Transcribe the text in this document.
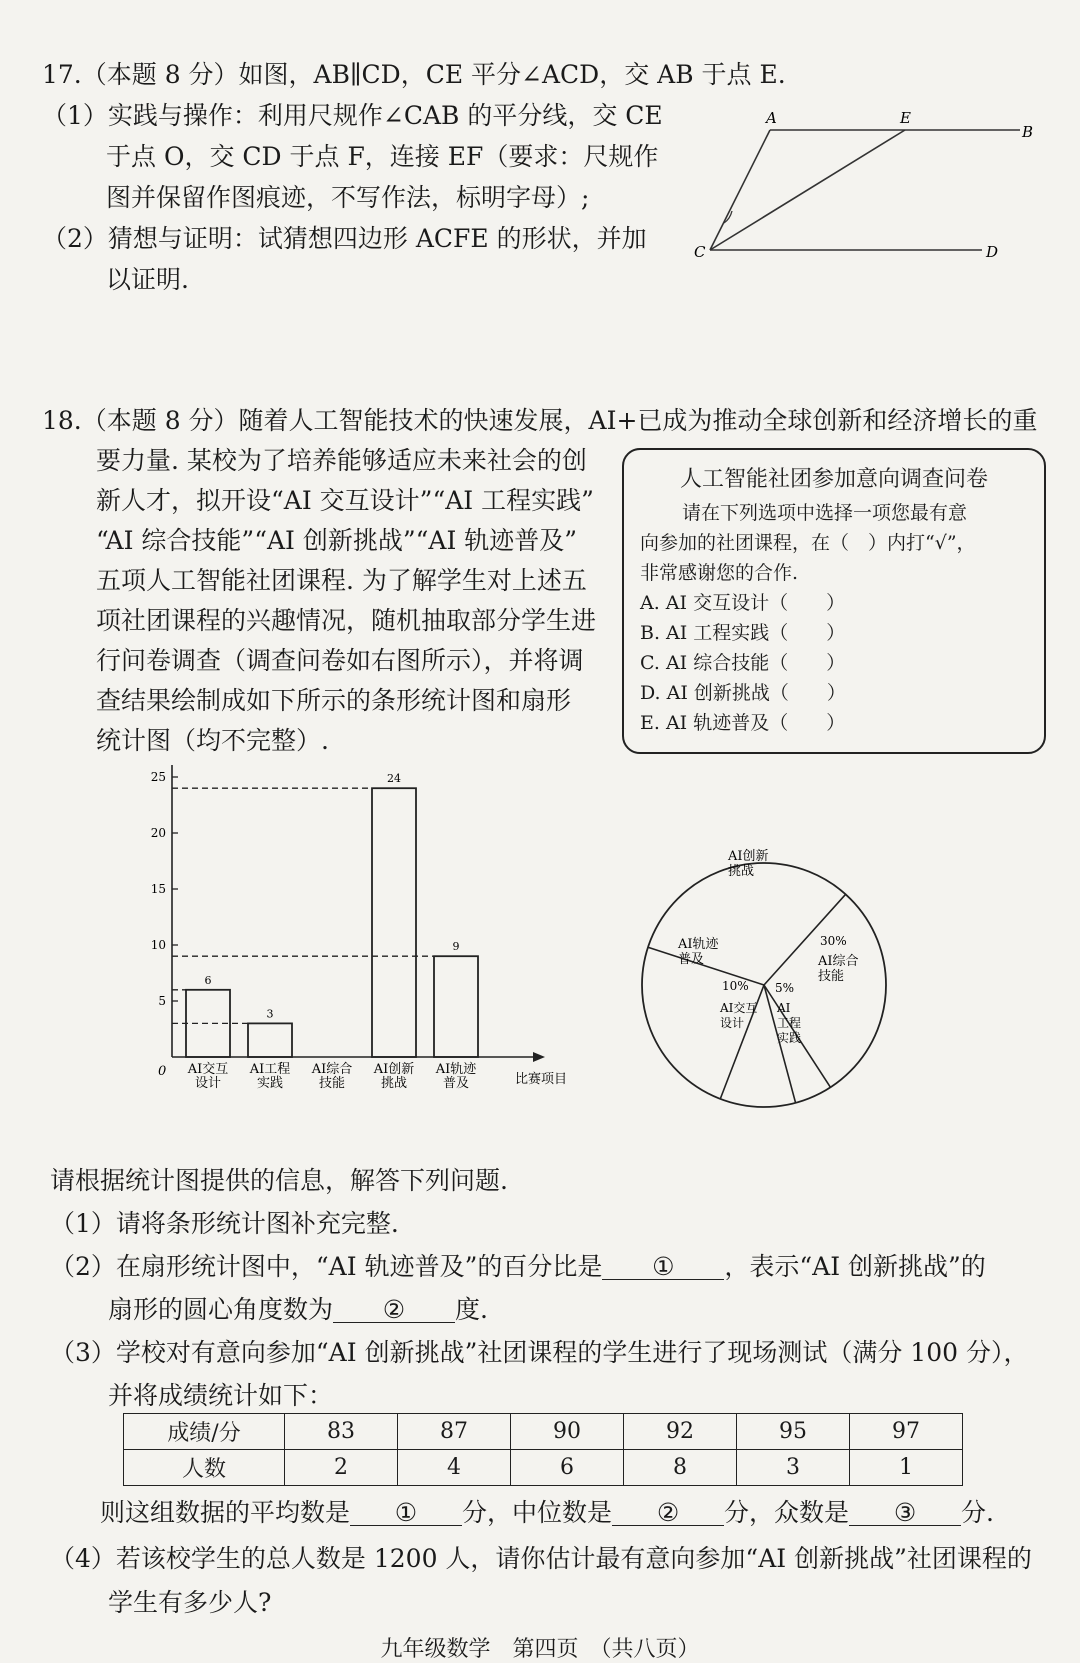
17.（本题 8 分）如图，AB∥CD，CE 平分∠ACD，交 AB 于点 E.
（1）实践与操作：利用尺规作∠CAB 的平分线，交 CE
于点 O，交 CD 于点 F，连接 EF（要求：尺规作
图并保留作图痕迹，不写作法，标明字母）;
（2）猜想与证明：试猜想四边形 ACFE 的形状，并加
以证明.
A	E
B
C	D
18.（本题 8 分）随着人工智能技术的快速发展，AI+已成为推动全球创新和经济增长的重
要力量. 某校为了培养能够适应未来社会的创
新人才，拟开设“AI 交互设计”“AI 工程实践”
“AI 综合技能”“AI 创新挑战”“AI 轨迹普及”
五项人工智能社团课程. 为了解学生对上述五
项社团课程的兴趣情况，随机抽取部分学生进
行问卷调查（调查问卷如右图所示），并将调
查结果绘制成如下所示的条形统计图和扇形
统计图（均不完整）.
人工智能社团参加意向调查问卷
请在下列选项中选择一项您最有意
向参加的社团课程，在（　）内打“√”，
非常感谢您的合作.
A. AI 交互设计（　　）
B. AI 工程实践（　　）
C. AI 综合技能（　　）
D. AI 创新挑战（　　）
E. AI 轨迹普及（　　）
比赛项目
0
5
10
15
20
25
6
AI交互
设计
3
AI工程
实践
AI综合
技能
24
AI创新
挑战
9
AI轨迹
普及
AI创新
挑战
30%
AI综合
技能
5%
AI
工程
实践
10%
AI交互
设计
AI轨迹
普及
请根据统计图提供的信息，解答下列问题.
（1）请将条形统计图补充完整.
（2）在扇形统计图中，“AI 轨迹普及”的百分比是 ① ，表示“AI 创新挑战”的
扇形的圆心角度数为 ② 度.
（3）学校对有意向参加“AI 创新挑战”社团课程的学生进行了现场测试（满分 100 分），
并将成绩统计如下：
成绩/分	83	87	90	92	95	97
人数	2	4	6	8	3	1
则这组数据的平均数是 ① 分，中位数是 ② 分，众数是 ③ 分.
（4）若该校学生的总人数是 1200 人，请你估计最有意向参加“AI 创新挑战”社团课程的
学生有多少人?
九年级数学　第四页　（共八页）
